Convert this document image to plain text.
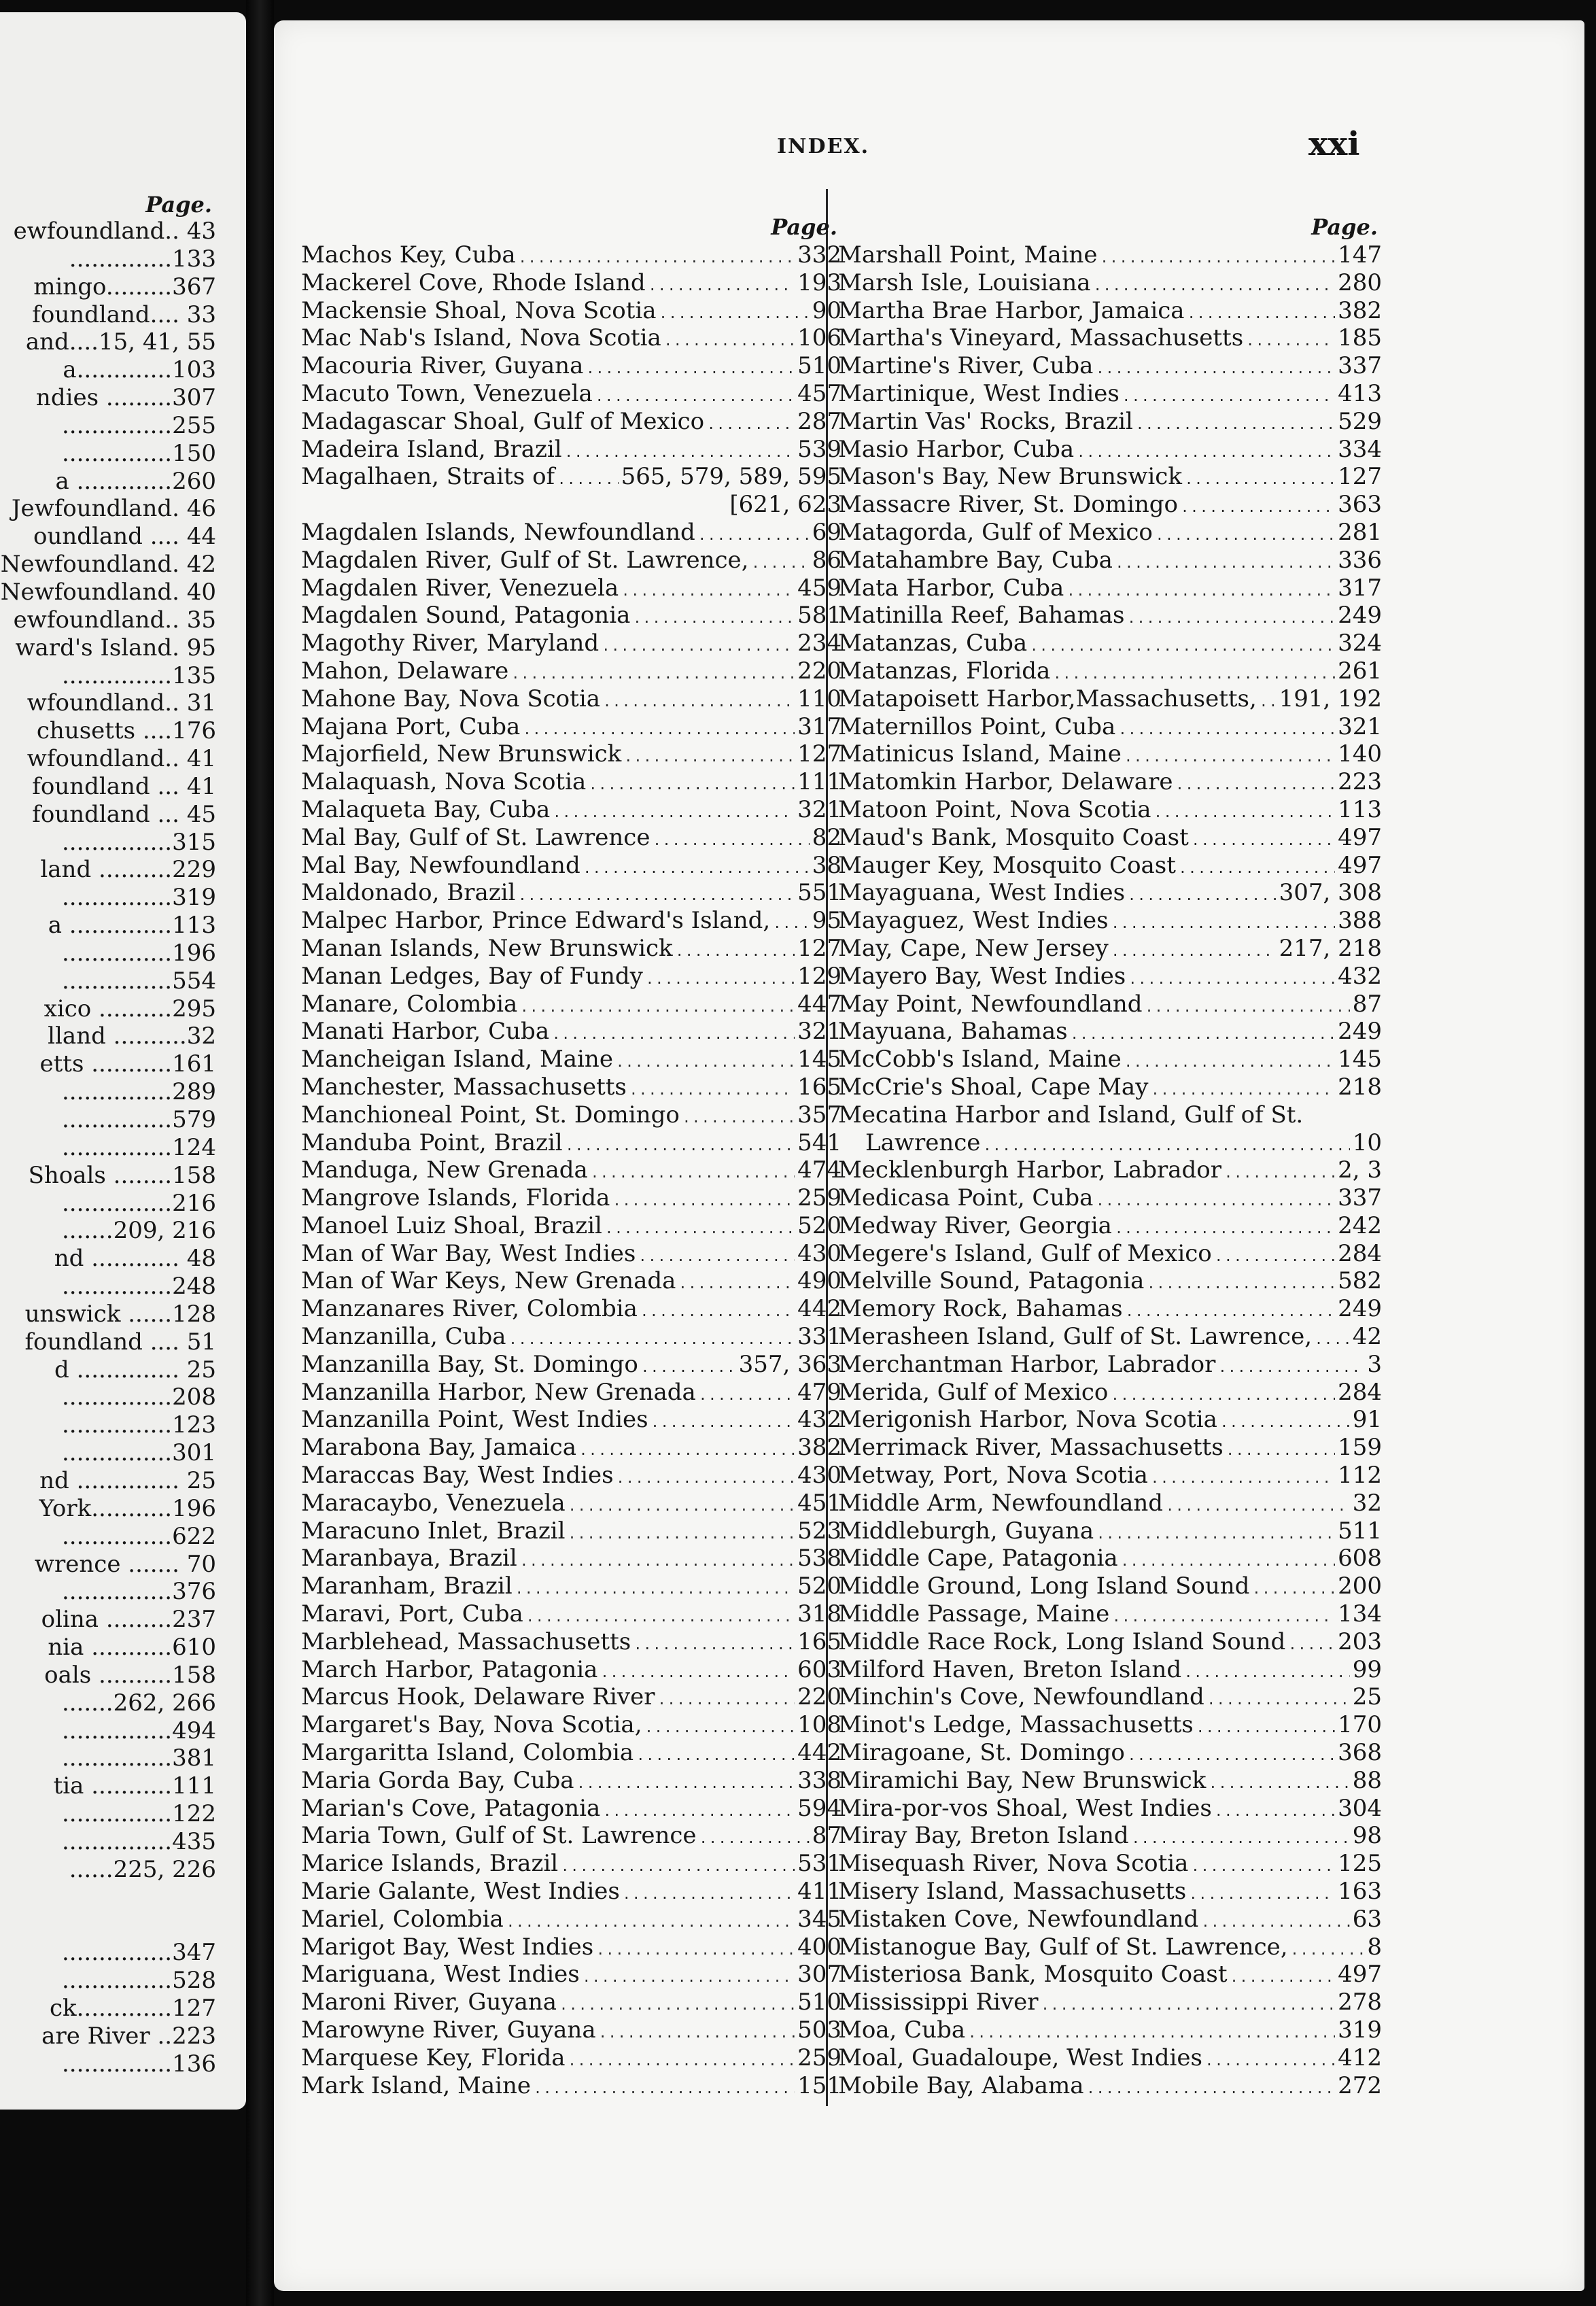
Page.
ewfoundland.. 43
..............133
mingo.........367
foundland.... 33
and....15, 41, 55
a.............103
ndies .........307
...............255
...............150
a .............260
Jewfoundland. 46
oundland .... 44
Newfoundland. 42
Newfoundland. 40
ewfoundland.. 35
ward's Island. 95
...............135
wfoundland.. 31
chusetts ....176
wfoundland.. 41
foundland ... 41
foundland ... 45
...............315
land ..........229
...............319
a ..............113
...............196
...............554
xico ..........295
lland ..........32
etts ...........161
...............289
...............579
...............124
Shoals ........158
...............216
.......209, 216
nd ............ 48
...............248
unswick ......128
foundland .... 51
d .............. 25
...............208
...............123
...............301
nd .............. 25
York...........196
...............622
wrence ....... 70
...............376
olina .........237
nia ...........610
oals ..........158
.......262, 266
...............494
...............381
tia ...........111
...............122
...............435
......225, 226
...............347
...............528
ck.............127
are River ..223
...............136
INDEX.	xxi
Page.
Machos Key, Cuba .....	332
Mackerel Cove, Rhode Island .....	193
Mackensie Shoal, Nova Scotia .....	90
Mac Nab's Island, Nova Scotia .....	106
Macouria River, Guyana .....	510
Macuto Town, Venezuela .....	457
Madagascar Shoal, Gulf of Mexico .....	287
Madeira Island, Brazil .....	539
Magalhaen, Straits of .....	565, 579, 589, 595
[621, 623
Magdalen Islands, Newfoundland .....	69
Magdalen River, Gulf of St. Lawrence, .....	86
Magdalen River, Venezuela .....	459
Magdalen Sound, Patagonia .....	581
Magothy River, Maryland .....	234
Mahon, Delaware .....	220
Mahone Bay, Nova Scotia .....	110
Majana Port, Cuba .....	317
Majorfield, New Brunswick .....	127
Malaquash, Nova Scotia .....	111
Malaqueta Bay, Cuba .....	321
Mal Bay, Gulf of St. Lawrence .....	82
Mal Bay, Newfoundland .....	38
Maldonado, Brazil .....	551
Malpec Harbor, Prince Edward's Island, ..... 95
Manan Islands, New Brunswick .....	127
Manan Ledges, Bay of Fundy .....	129
Manare, Colombia .....	447
Manati Harbor, Cuba .....	321
Mancheigan Island, Maine .....	145
Manchester, Massachusetts .....	165
Manchioneal Point, St. Domingo .....	357
Manduba Point, Brazil .....	541
Manduga, New Grenada .....	474
Mangrove Islands, Florida .....	259
Manoel Luiz Shoal, Brazil .....	520
Man of War Bay, West Indies .....	430
Man of War Keys, New Grenada .....	490
Manzanares River, Colombia .....	442
Manzanilla, Cuba .....	331
Manzanilla Bay, St. Domingo .....	357, 363
Manzanilla Harbor, New Grenada .....	479
Manzanilla Point, West Indies .....	432
Marabona Bay, Jamaica .....	382
Maraccas Bay, West Indies .....	430
Maracaybo, Venezuela .....	451
Maracuno Inlet, Brazil .....	523
Maranbaya, Brazil .....	538
Maranham, Brazil .....	520
Maravi, Port, Cuba .....	318
Marblehead, Massachusetts .....	165
March Harbor, Patagonia .....	603
Marcus Hook, Delaware River .....	220
Margaret's Bay, Nova Scotia, .....	108
Margaritta Island, Colombia .....	442
Maria Gorda Bay, Cuba .....	338
Marian's Cove, Patagonia .....	594
Maria Town, Gulf of St. Lawrence .....	87
Marice Islands, Brazil .....	531
Marie Galante, West Indies .....	411
Mariel, Colombia .....	345
Marigot Bay, West Indies .....	400
Mariguana, West Indies .....	307
Maroni River, Guyana .....	510
Marowyne River, Guyana .....	503
Marquese Key, Florida .....	259
Mark Island, Maine .....	151
Page.
Marshall Point, Maine .....	147
Marsh Isle, Louisiana .....	280
Martha Brae Harbor, Jamaica .....	382
Martha's Vineyard, Massachusetts .....	185
Martine's River, Cuba .....	337
Martinique, West Indies .....	413
Martin Vas' Rocks, Brazil .....	529
Masio Harbor, Cuba .....	334
Mason's Bay, New Brunswick .....	127
Massacre River, St. Domingo .....	363
Matagorda, Gulf of Mexico .....	281
Matahambre Bay, Cuba .....	336
Mata Harbor, Cuba .....	317
Matinilla Reef, Bahamas .....	249
Matanzas, Cuba .....	324
Matanzas, Florida .....	261
Matapoisett Harbor,Massachusetts, ..... 191, 192
Maternillos Point, Cuba .....	321
Matinicus Island, Maine .....	140
Matomkin Harbor, Delaware .....	223
Matoon Point, Nova Scotia .....	113
Maud's Bank, Mosquito Coast .....	497
Mauger Key, Mosquito Coast .....	497
Mayaguana, West Indies .....	307, 308
Mayaguez, West Indies .....	388
May, Cape, New Jersey .....	217, 218
Mayero Bay, West Indies .....	432
May Point, Newfoundland .....	87
Mayuana, Bahamas .....	249
McCobb's Island, Maine .....	145
McCrie's Shoal, Cape May .....	218
Mecatina Harbor and Island, Gulf of St.
Lawrence .....	10
Mecklenburgh Harbor, Labrador .....	2, 3
Medicasa Point, Cuba .....	337
Medway River, Georgia .....	242
Megere's Island, Gulf of Mexico .....	284
Melville Sound, Patagonia .....	582
Memory Rock, Bahamas .....	249
Merasheen Island, Gulf of St. Lawrence, ..... 42
Merchantman Harbor, Labrador .....	3
Merida, Gulf of Mexico .....	284
Merigonish Harbor, Nova Scotia .....	91
Merrimack River, Massachusetts .....	159
Metway, Port, Nova Scotia .....	112
Middle Arm, Newfoundland .....	32
Middleburgh, Guyana .....	511
Middle Cape, Patagonia .....	608
Middle Ground, Long Island Sound .....	200
Middle Passage, Maine .....	134
Middle Race Rock, Long Island Sound ..... 203
Milford Haven, Breton Island .....	99
Minchin's Cove, Newfoundland .....	25
Minot's Ledge, Massachusetts .....	170
Miragoane, St. Domingo .....	368
Miramichi Bay, New Brunswick .....	88
Mira-por-vos Shoal, West Indies .....	304
Miray Bay, Breton Island .....	98
Misequash River, Nova Scotia .....	125
Misery Island, Massachusetts .....	163
Mistaken Cove, Newfoundland .....	63
Mistanogue Bay, Gulf of St. Lawrence, .....	8
Misteriosa Bank, Mosquito Coast .....	497
Mississippi River .....	278
Moa, Cuba .....	319
Moal, Guadaloupe, West Indies .....	412
Mobile Bay, Alabama .....	272
